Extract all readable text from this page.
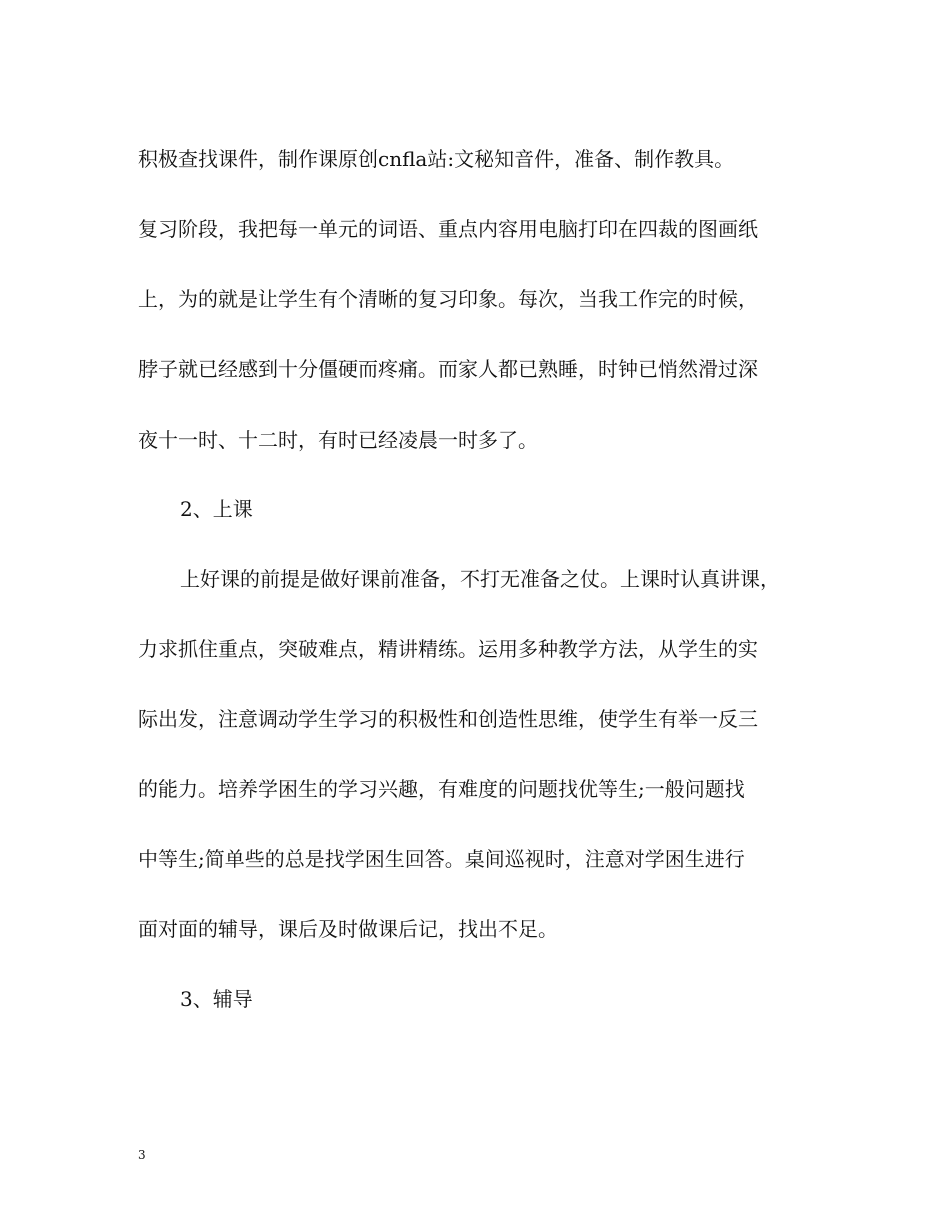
积极查找课件，制作课原创cnfla站:文秘知音件，准备、制作教具。
复习阶段，我把每一单元的词语、重点内容用电脑打印在四裁的图画纸
上，为的就是让学生有个清晰的复习印象。每次，当我工作完的时候，
脖子就已经感到十分僵硬而疼痛。而家人都已熟睡，时钟已悄然滑过深
夜十一时、十二时，有时已经凌晨一时多了。
2、上课
上好课的前提是做好课前准备，不打无准备之仗。上课时认真讲课，
力求抓住重点，突破难点，精讲精练。运用多种教学方法，从学生的实
际出发，注意调动学生学习的积极性和创造性思维，使学生有举一反三
的能力。培养学困生的学习兴趣，有难度的问题找优等生;一般问题找
中等生;简单些的总是找学困生回答。桌间巡视时，注意对学困生进行
面对面的辅导，课后及时做课后记，找出不足。
3、辅导
3
